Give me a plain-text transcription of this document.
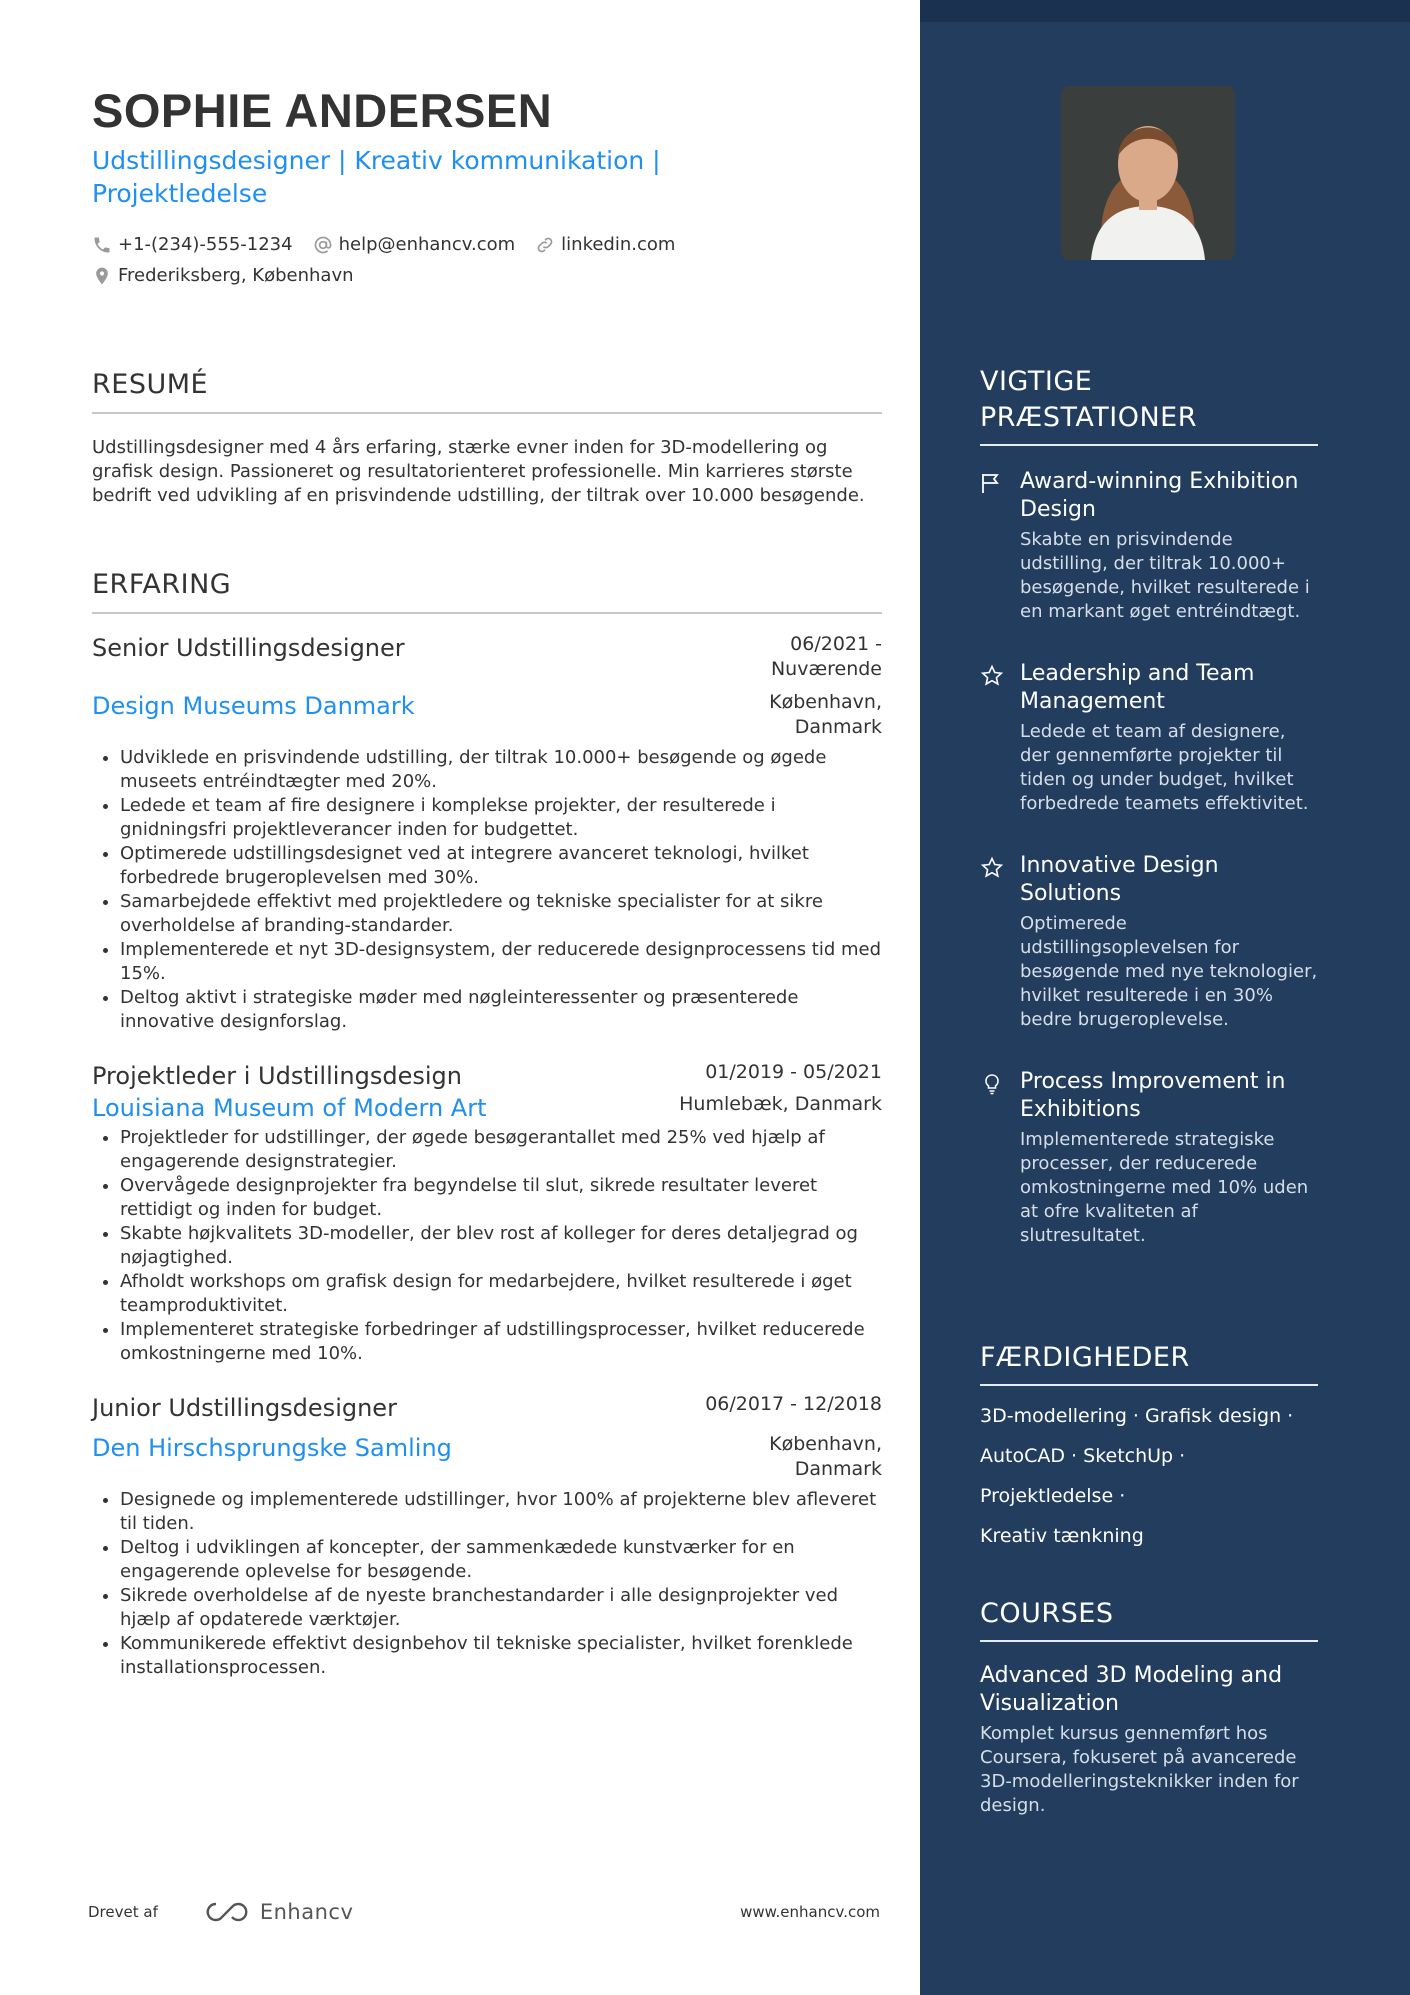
SOPHIE ANDERSEN
Udstillingsdesigner | Kreativ kommunikation | Projektledelse
+1-(234)-555-1234	help@enhancv.com	linkedin.com
Frederiksberg, København
RESUMÉ

Udstillingsdesigner med 4 års erfaring, stærke evner inden for 3D-modellering og grafisk design. Passioneret og resultatorienteret professionelle. Min karrieres største bedrift ved udvikling af en prisvindende udstilling, der tiltrak over 10.000 besøgende.

ERFARING
Senior Udstillingsdesigner	06/2021 - Nuværende
Design Museums Danmark	København, Danmark
• Udviklede en prisvindende udstilling, der tiltrak 10.000+ besøgende og øgede museets entréindtægter med 20%.
• Ledede et team af fire designere i komplekse projekter, der resulterede i gnidningsfri projektleverancer inden for budgettet.
• Optimerede udstillingsdesignet ved at integrere avanceret teknologi, hvilket forbedrede brugeroplevelsen med 30%.
• Samarbejdede effektivt med projektledere og tekniske specialister for at sikre overholdelse af branding-standarder.
• Implementerede et nyt 3D-designsystem, der reducerede designprocessens tid med 15%.
• Deltog aktivt i strategiske møder med nøgleinteressenter og præsenterede innovative designforslag.
Projektleder i Udstillingsdesign	01/2019 - 05/2021
Louisiana Museum of Modern Art	Humlebæk, Danmark
• Projektleder for udstillinger, der øgede besøgerantallet med 25% ved hjælp af engagerende designstrategier.
• Overvågede designprojekter fra begyndelse til slut, sikrede resultater leveret rettidigt og inden for budget.
• Skabte højkvalitets 3D-modeller, der blev rost af kolleger for deres detaljegrad og nøjagtighed.
• Afholdt workshops om grafisk design for medarbejdere, hvilket resulterede i øget teamproduktivitet.
• Implementeret strategiske forbedringer af udstillingsprocesser, hvilket reducerede omkostningerne med 10%.
Junior Udstillingsdesigner	06/2017 - 12/2018
Den Hirschsprungske Samling	København, Danmark
• Designede og implementerede udstillinger, hvor 100% af projekterne blev afleveret til tiden.
• Deltog i udviklingen af koncepter, der sammenkædede kunstværker for en engagerende oplevelse for besøgende.
• Sikrede overholdelse af de nyeste branchestandarder i alle designprojekter ved hjælp af opdaterede værktøjer.
• Kommunikerede effektivt designbehov til tekniske specialister, hvilket forenklede installationsprocessen.
Drevet af	Enhancv	www.enhancv.com
VIGTIGE PRÆSTATIONER
Award-winning Exhibition Design
Skabte en prisvindende udstilling, der tiltrak 10.000+ besøgende, hvilket resulterede i en markant øget entréindtægt.
Leadership and Team Management
Ledede et team af designere, der gennemførte projekter til tiden og under budget, hvilket forbedrede teamets effektivitet.
Innovative Design Solutions
Optimerede udstillingsoplevelsen for besøgende med nye teknologier, hvilket resulterede i en 30% bedre brugeroplevelse.
Process Improvement in Exhibitions
Implementerede strategiske processer, der reducerede omkostningerne med 10% uden at ofre kvaliteten af slutresultatet.
FÆRDIGHEDER
3D-modellering · Grafisk design ·
AutoCAD · SketchUp · Projektledelse ·
Kreativ tænkning
COURSES
Advanced 3D Modeling and Visualization
Komplet kursus gennemført hos Coursera, fokuseret på avancerede 3D-modelleringsteknikker inden for design.
